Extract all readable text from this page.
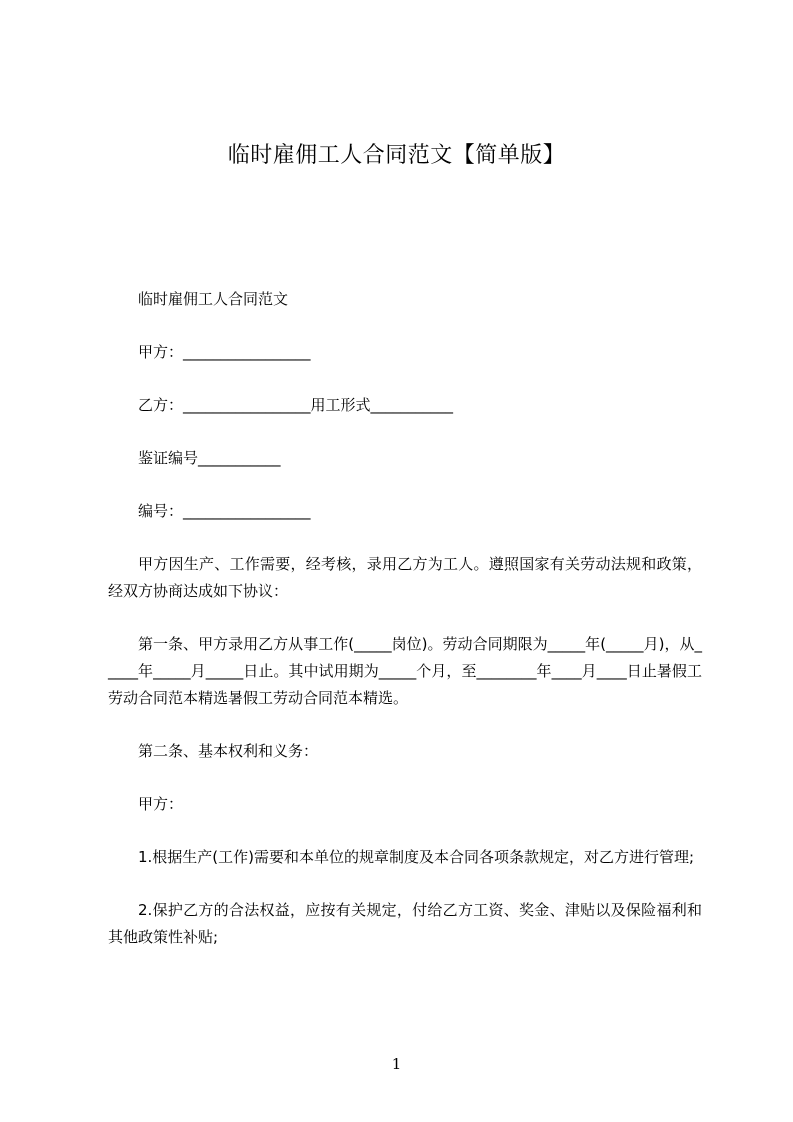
临时雇佣工人合同范文【简单版】

临时雇佣工人合同范文

甲方：_________________

乙方：_________________用工形式___________

鉴证编号___________

编号：_________________

甲方因生产、工作需要，经考核，录用乙方为工人。遵照国家有关劳动法规和政策，经双方协商达成如下协议：

第一条、甲方录用乙方从事工作(_____岗位)。劳动合同期限为_____年(_____月)，从_____年_____月_____日止。其中试用期为_____个月，至________年____月____日止暑假工劳动合同范本精选暑假工劳动合同范本精选。

第二条、基本权利和义务：

甲方：

1.根据生产(工作)需要和本单位的规章制度及本合同各项条款规定，对乙方进行管理;

2.保护乙方的合法权益，应按有关规定，付给乙方工资、奖金、津贴以及保险福利和其他政策性补贴;

1
